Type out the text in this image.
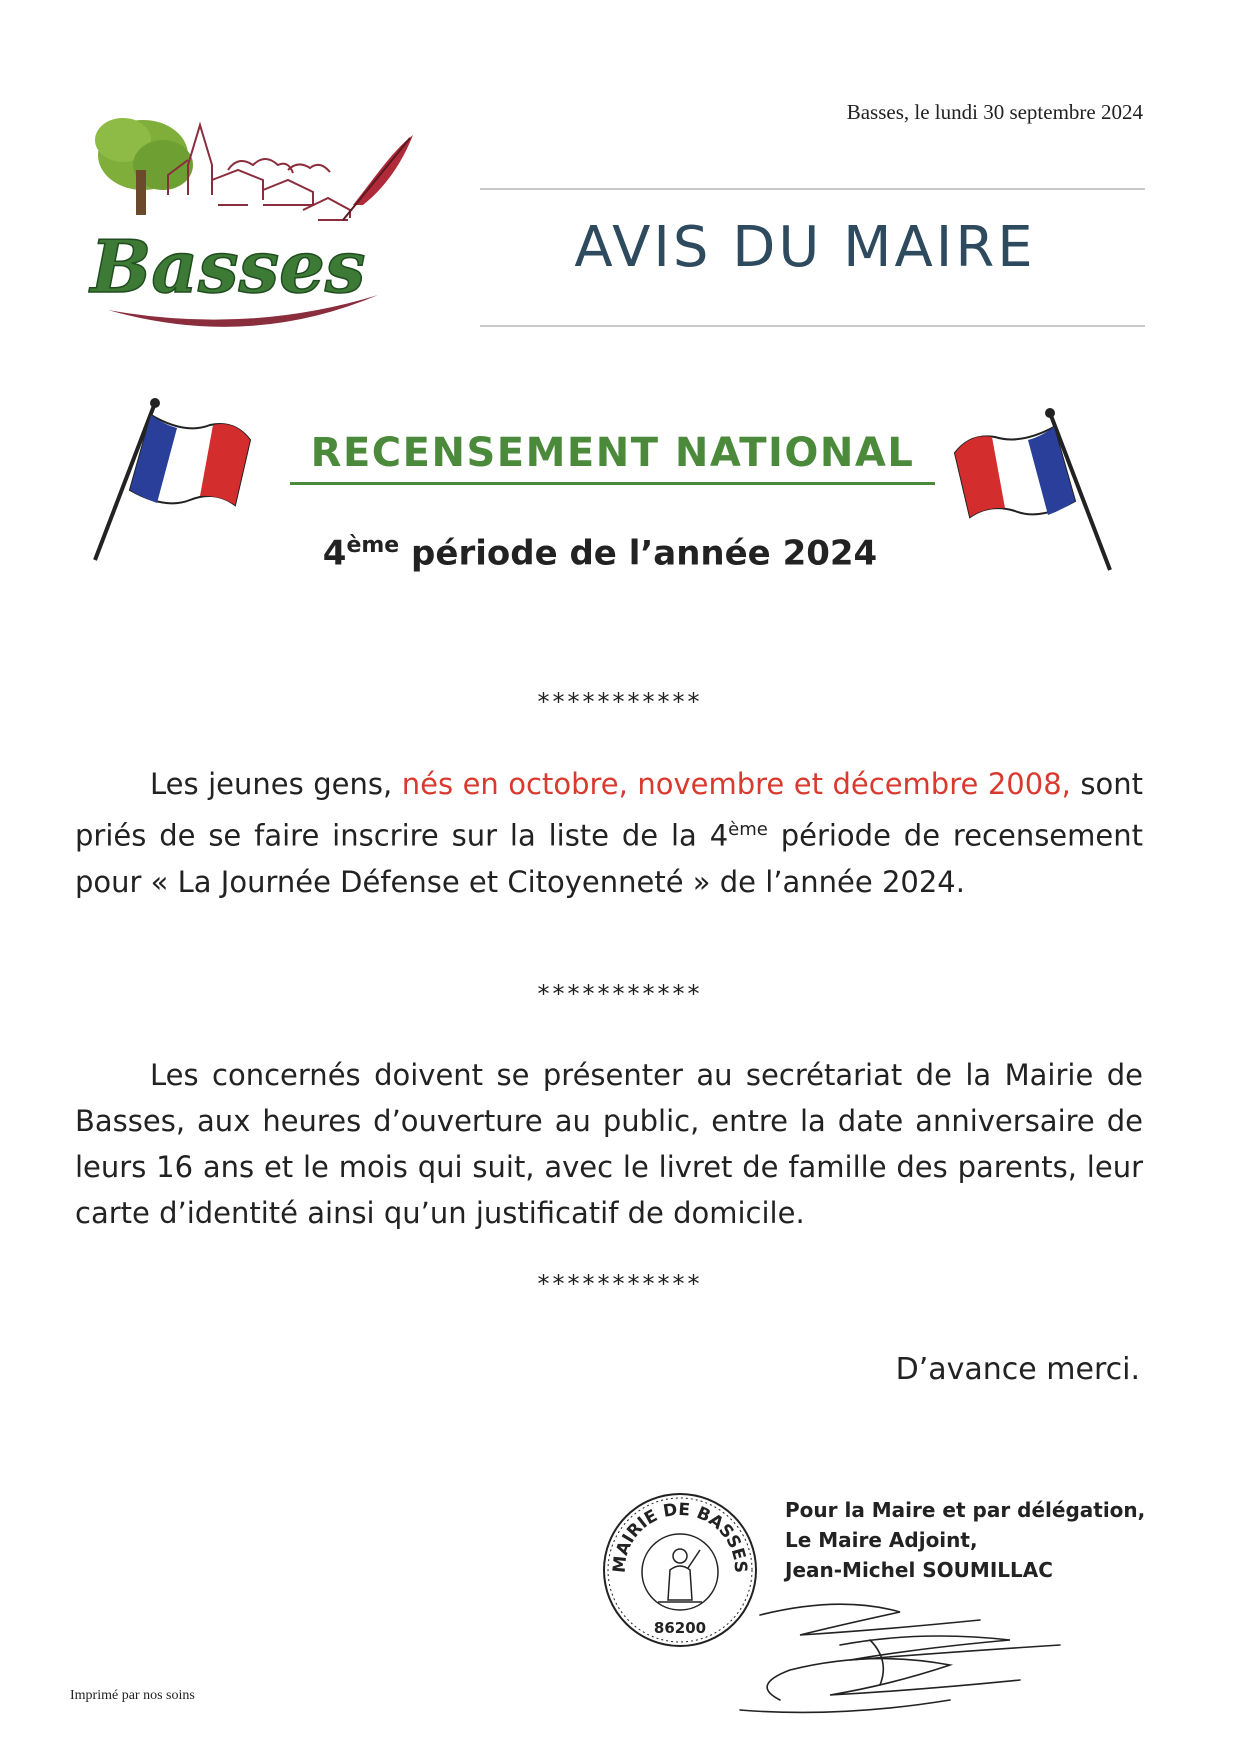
Basses, le lundi 30 septembre 2024
Basses	AVIS DU MAIRE
RECENSEMENT NATIONAL
4ème période de l’année 2024
***********
Les jeunes gens, nés en octobre, novembre et décembre 2008, sont priés de se faire inscrire sur la liste de la 4ème période de recensement pour « La Journée Défense et Citoyenneté » de l’année 2024.
***********
Les concernés doivent se présenter au secrétariat de la Mairie de Basses, aux heures d’ouverture au public, entre la date anniversaire de leurs 16 ans et le mois qui suit, avec le livret de famille des parents, leur carte d’identité ainsi qu’un justificatif de domicile.
***********
D’avance merci.
MAIRIE DE BASSES
86200
Pour la Maire et par délégation,
Le Maire Adjoint,
Jean-Michel SOUMILLAC
Imprimé par nos soins
